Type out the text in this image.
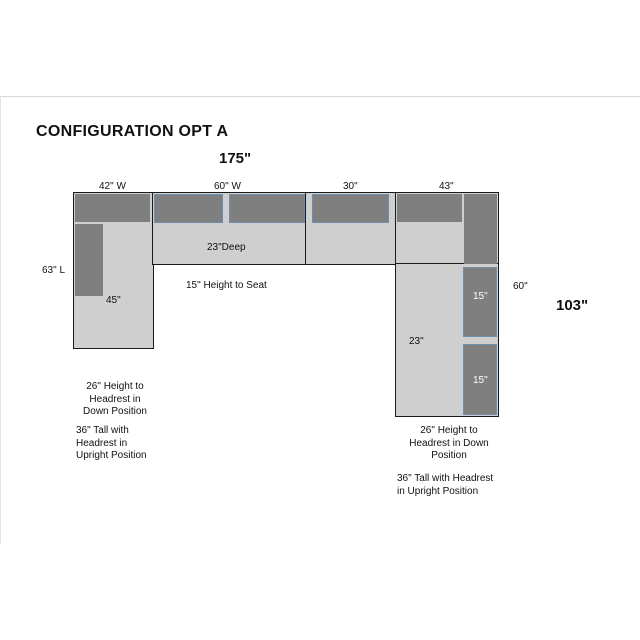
CONFIGURATION OPT A
175"
103"
42" W	60" W	30"	43"
63" L
60"
23"Deep
15" Height to Seat
45"
23"
15"
15"
26" Height to Headrest in Down Position
36" Tall with Headrest in Upright Position
26" Height to Headrest in Down Position
36" Tall with Headrest in Upright Position
